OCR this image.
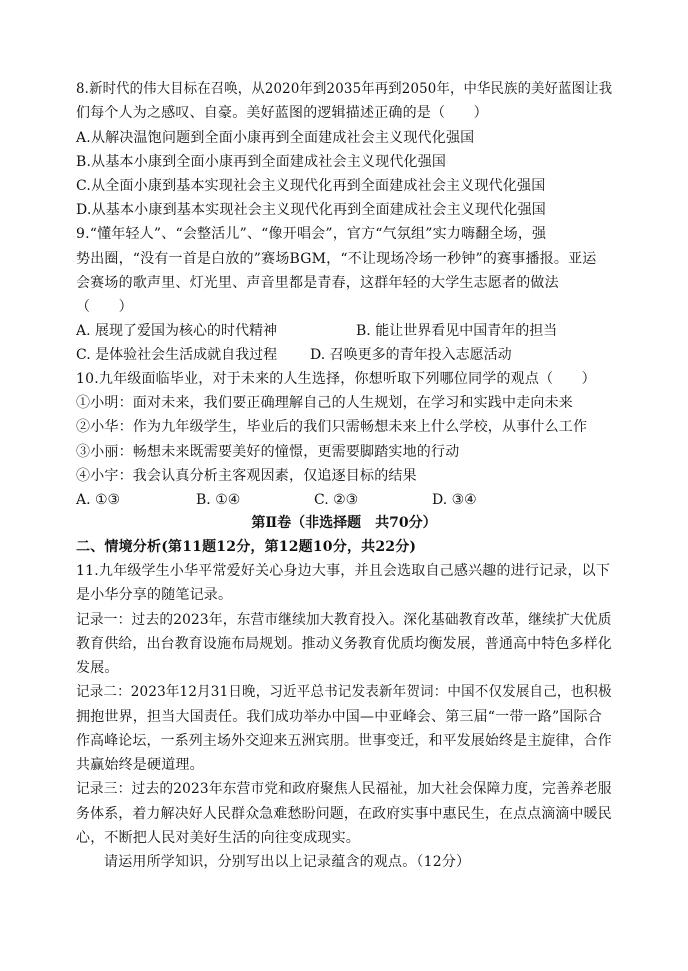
8.新时代的伟大目标在召唤，从2020年到2035年再到2050年，中华民族的美好蓝图让我
们每个人为之感叹、自豪。美好蓝图的逻辑描述正确的是（　　）
A.从解决温饱问题到全面小康再到全面建成社会主义现代化强国
B.从基本小康到全面小康再到全面建成社会主义现代化强国
C.从全面小康到基本实现社会主义现代化再到全面建成社会主义现代化强国
D.从基本小康到基本实现社会主义现代化再到全面建成社会主义现代化强国
9.“懂年轻人”、“会整活儿”、“像开唱会”，官方“气氛组”实力嗨翻全场，强
势出圈，“没有一首是白放的”赛场BGM，“不让现场冷场一秒钟”的赛事播报。亚运
会赛场的歌声里、灯光里、声音里都是青春，这群年轻的大学生志愿者的做法
（　　）
A. 展现了爱国为核心的时代精神	B. 能让世界看见中国青年的担当
C. 是体验社会生活成就自我过程 D. 召唤更多的青年投入志愿活动
10.九年级面临毕业，对于未来的人生选择，你想听取下列哪位同学的观点（　　）
①小明：面对未来，我们要正确理解自己的人生规划，在学习和实践中走向未来
②小华：作为九年级学生，毕业后的我们只需畅想未来上什么学校，从事什么工作
③小丽：畅想未来既需要美好的憧憬，更需要脚踏实地的行动
④小宇：我会认真分析主客观因素，仅追逐目标的结果
A. ①③	B. ①④	C. ②③	D. ③④
第Ⅱ卷（非选择题　共70分）
二、情境分析(第11题12分，第12题10分，共22分)
11.九年级学生小华平常爱好关心身边大事，并且会选取自己感兴趣的进行记录，以下
是小华分享的随笔记录。
记录一：过去的2023年，东营市继续加大教育投入。深化基础教育改革，继续扩大优质
教育供给，出台教育设施布局规划。推动义务教育优质均衡发展，普通高中特色多样化
发展。
记录二：2023年12月31日晚，习近平总书记发表新年贺词：中国不仅发展自己，也积极
拥抱世界，担当大国责任。我们成功举办中国—中亚峰会、第三届“一带一路”国际合
作高峰论坛，一系列主场外交迎来五洲宾朋。世事变迁，和平发展始终是主旋律，合作
共赢始终是硬道理。
记录三：过去的2023年东营市党和政府聚焦人民福祉，加大社会保障力度，完善养老服
务体系，着力解决好人民群众急难愁盼问题，在政府实事中惠民生，在点点滴滴中暖民
心，不断把人民对美好生活的向往变成现实。
请运用所学知识，分别写出以上记录蕴含的观点。（12分）
